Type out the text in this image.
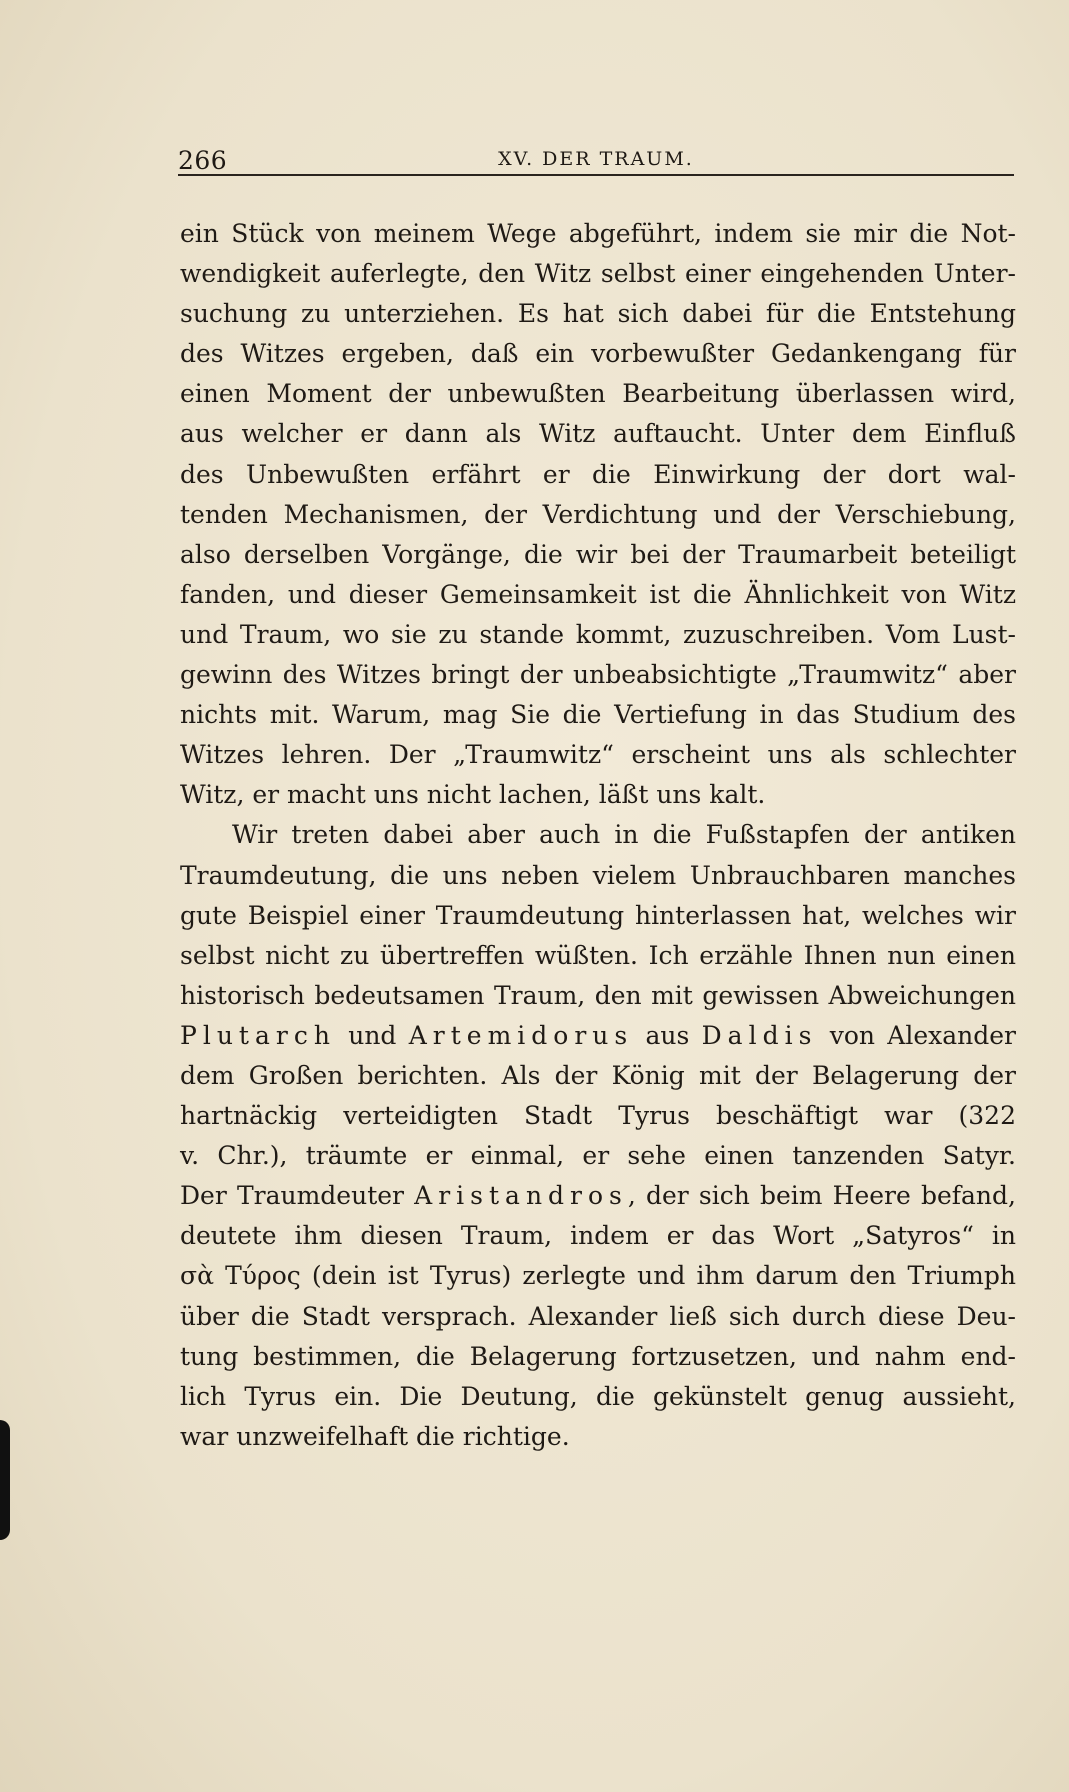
266	XV. DER TRAUM.
ein Stück von meinem Wege abgeführt, indem sie mir die Not-
wendigkeit auferlegte, den Witz selbst einer eingehenden Unter-
suchung zu unterziehen. Es hat sich dabei für die Entstehung
des Witzes ergeben, daß ein vorbewußter Gedankengang für
einen Moment der unbewußten Bearbeitung überlassen wird,
aus welcher er dann als Witz auftaucht. Unter dem Einfluß
des Unbewußten erfährt er die Einwirkung der dort wal-
tenden Mechanismen, der Verdichtung und der Verschiebung,
also derselben Vorgänge, die wir bei der Traumarbeit beteiligt
fanden, und dieser Gemeinsamkeit ist die Ähnlichkeit von Witz
und Traum, wo sie zu stande kommt, zuzuschreiben. Vom Lust-
gewinn des Witzes bringt der unbeabsichtigte „Traumwitz“ aber
nichts mit. Warum, mag Sie die Vertiefung in das Studium des
Witzes lehren. Der „Traumwitz“ erscheint uns als schlechter
Witz, er macht uns nicht lachen, läßt uns kalt.
Wir treten dabei aber auch in die Fußstapfen der antiken
Traumdeutung, die uns neben vielem Unbrauchbaren manches
gute Beispiel einer Traumdeutung hinterlassen hat, welches wir
selbst nicht zu übertreffen wüßten. Ich erzähle Ihnen nun einen
historisch bedeutsamen Traum, den mit gewissen Abweichungen
Plutarch und Artemidorus aus Daldis von Alexander
dem Großen berichten. Als der König mit der Belagerung der
hartnäckig verteidigten Stadt Tyrus beschäftigt war (322
v. Chr.), träumte er einmal, er sehe einen tanzenden Satyr.
Der Traumdeuter Aristandros, der sich beim Heere befand,
deutete ihm diesen Traum, indem er das Wort „Satyros“ in
σὰ Τύρος (dein ist Tyrus) zerlegte und ihm darum den Triumph
über die Stadt versprach. Alexander ließ sich durch diese Deu-
tung bestimmen, die Belagerung fortzusetzen, und nahm end-
lich Tyrus ein. Die Deutung, die gekünstelt genug aussieht,
war unzweifelhaft die richtige.
